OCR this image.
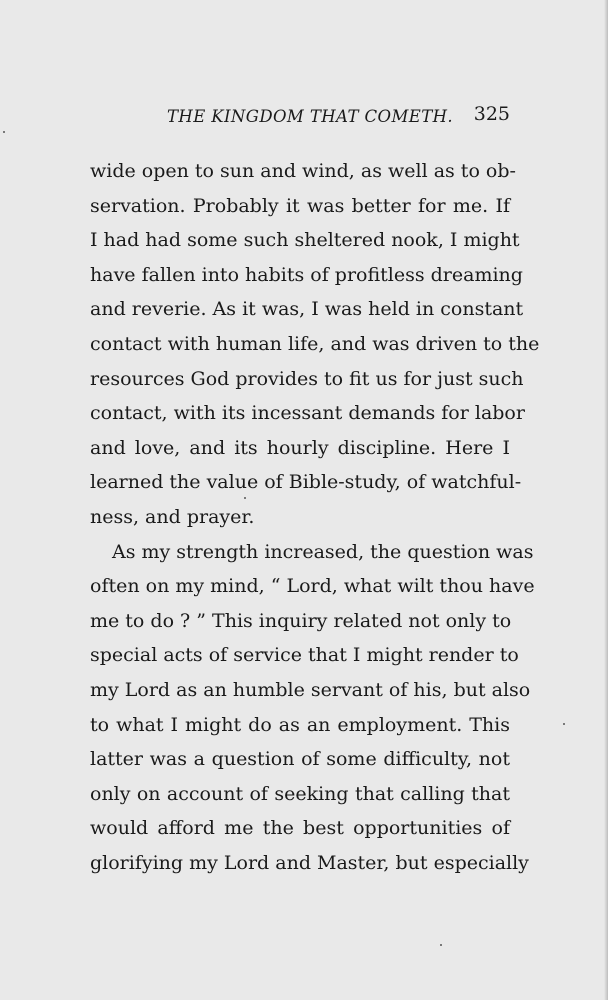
THE KINGDOM THAT COMETH. 325
wide open to sun and wind, as well as to ob-
servation. Probably it was better for me. If
I had had some such sheltered nook, I might
have fallen into habits of profitless dreaming
and reverie. As it was, I was held in constant
contact with human life, and was driven to the
resources God provides to fit us for just such
contact, with its incessant demands for labor
and love, and its hourly discipline. Here I
learned the value of Bible-study, of watchful-
ness, and prayer.
As my strength increased, the question was
often on my mind, “ Lord, what wilt thou have
me to do ? ” This inquiry related not only to
special acts of service that I might render to
my Lord as an humble servant of his, but also
to what I might do as an employment. This
latter was a question of some difficulty, not
only on account of seeking that calling that
would afford me the best opportunities of
glorifying my Lord and Master, but especially
